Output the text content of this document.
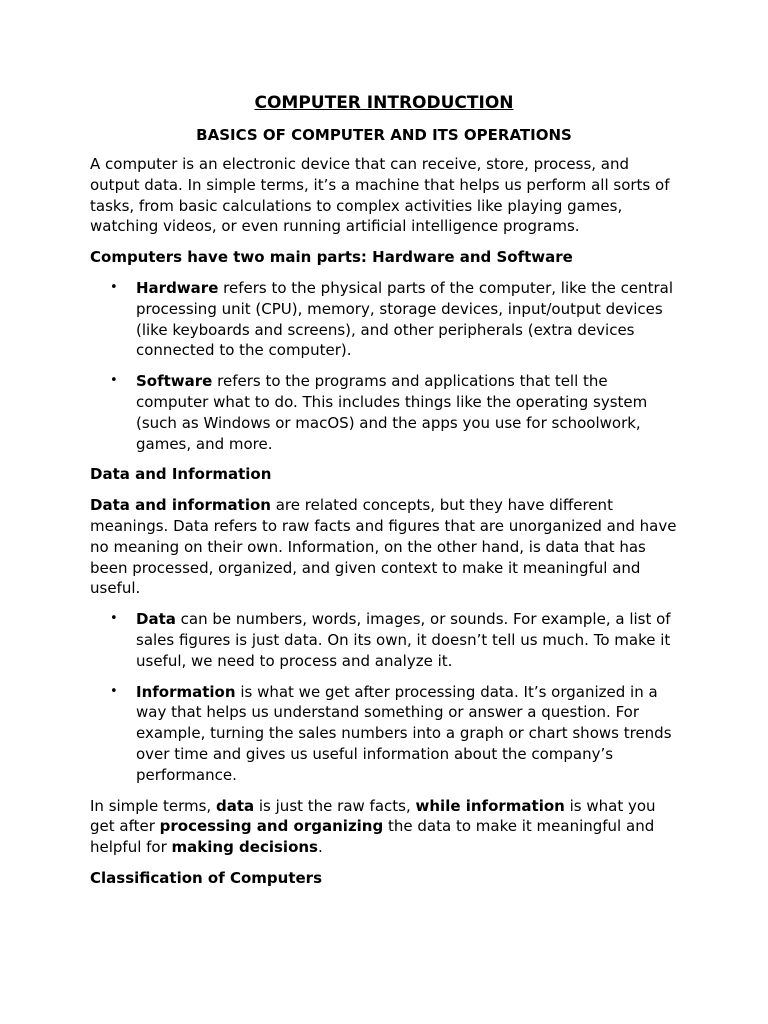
COMPUTER INTRODUCTION
BASICS OF COMPUTER AND ITS OPERATIONS

A computer is an electronic device that can receive, store, process, and output data. In simple terms, it’s a machine that helps us perform all sorts of tasks, from basic calculations to complex activities like playing games, watching videos, or even running artificial intelligence programs.

Computers have two main parts: Hardware and Software
• Hardware refers to the physical parts of the computer, like the central processing unit (CPU), memory, storage devices, input/output devices (like keyboards and screens), and other peripherals (extra devices connected to the computer).
• Software refers to the programs and applications that tell the computer what to do. This includes things like the operating system (such as Windows or macOS) and the apps you use for schoolwork, games, and more.
Data and Information

Data and information are related concepts, but they have different meanings. Data refers to raw facts and figures that are unorganized and have no meaning on their own. Information, on the other hand, is data that has been processed, organized, and given context to make it meaningful and useful.

• Data can be numbers, words, images, or sounds. For example, a list of sales figures is just data. On its own, it doesn’t tell us much. To make it useful, we need to process and analyze it.
• Information is what we get after processing data. It’s organized in a way that helps us understand something or answer a question. For example, turning the sales numbers into a graph or chart shows trends over time and gives us useful information about the company’s performance.

In simple terms, data is just the raw facts, while information is what you get after processing and organizing the data to make it meaningful and helpful for making decisions.

Classification of Computers
